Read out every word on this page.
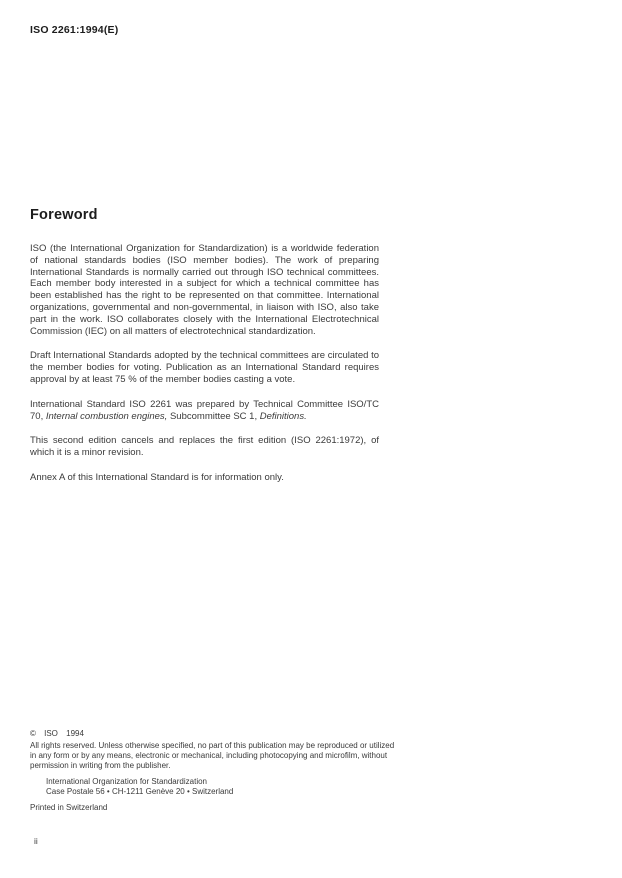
ISO 2261:1994(E)
Foreword

ISO (the International Organization for Standardization) is a worldwide federation of national standards bodies (ISO member bodies). The work of preparing International Standards is normally carried out through ISO technical committees. Each member body interested in a subject for which a technical committee has been established has the right to be represented on that committee. International organizations, governmental and non-governmental, in liaison with ISO, also take part in the work. ISO collaborates closely with the International Electrotechnical Commission (IEC) on all matters of electrotechnical standardization.

Draft International Standards adopted by the technical committees are circulated to the member bodies for voting. Publication as an International Standard requires approval by at least 75 % of the member bodies casting a vote.

International Standard ISO 2261 was prepared by Technical Committee ISO/TC 70, Internal combustion engines, Subcommittee SC 1, Definitions.

This second edition cancels and replaces the first edition (ISO 2261:1972), of which it is a minor revision.

Annex A of this International Standard is for information only.

© ISO 1994

All rights reserved. Unless otherwise specified, no part of this publication may be reproduced or utilized in any form or by any means, electronic or mechanical, including photocopying and microfilm, without permission in writing from the publisher.

International Organization for Standardization
Case Postale 56 • CH-1211 Genève 20 • Switzerland

Printed in Switzerland

ii
